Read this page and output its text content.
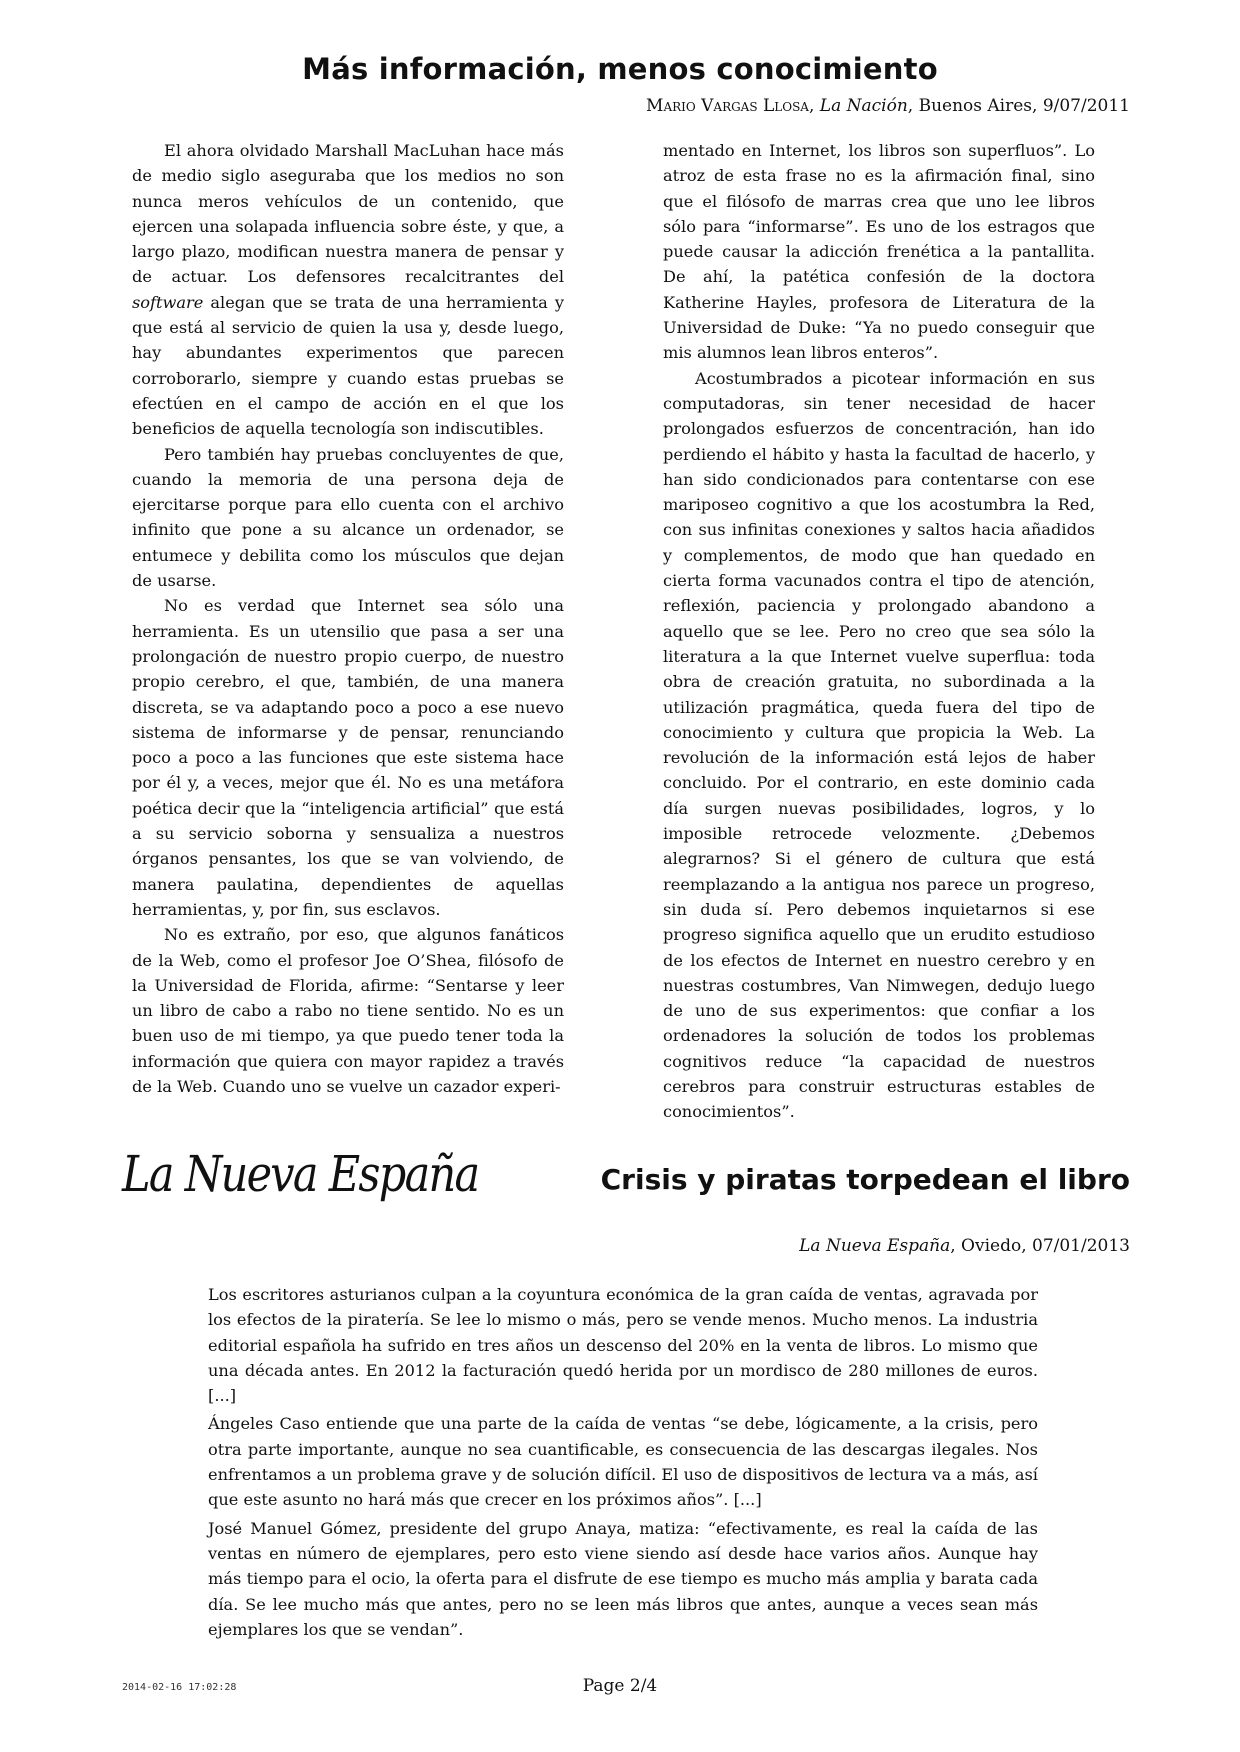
Más información, menos conocimiento
Mario Vargas Llosa, La Nación, Buenos Aires, 9/07/2011

El ahora olvidado Marshall MacLuhan hace más de medio siglo aseguraba que los medios no son nunca meros vehículos de un contenido, que ejercen una solapada influencia sobre éste, y que, a largo plazo, modifican nuestra manera de pensar y de actuar. Los defensores recalcitrantes del software alegan que se trata de una herramienta y que está al servicio de quien la usa y, desde luego, hay abundantes experimentos que parecen corroborarlo, siempre y cuando estas pruebas se efectúen en el campo de acción en el que los beneficios de aquella tecnología son indiscutibles.

Pero también hay pruebas concluyentes de que, cuando la memoria de una persona deja de ejercitarse porque para ello cuenta con el archivo infinito que pone a su alcance un ordenador, se entumece y debilita como los músculos que dejan de usarse.

No es verdad que Internet sea sólo una herramienta. Es un utensilio que pasa a ser una prolongación de nuestro propio cuerpo, de nuestro propio cerebro, el que, también, de una manera discreta, se va adaptando poco a poco a ese nuevo sistema de informarse y de pensar, renunciando poco a poco a las funciones que este sistema hace por él y, a veces, mejor que él. No es una metáfora poética decir que la “inteligencia artificial” que está a su servicio soborna y sensualiza a nuestros órganos pensantes, los que se van volviendo, de manera paulatina, dependientes de aquellas herramientas, y, por fin, sus esclavos.

No es extraño, por eso, que algunos fanáticos de la Web, como el profesor Joe O’Shea, filósofo de la Universidad de Florida, afirme: “Sentarse y leer un libro de cabo a rabo no tiene sentido. No es un buen uso de mi tiempo, ya que puedo tener toda la información que quiera con mayor rapidez a través de la Web. Cuando uno se vuelve un cazador experi-

mentado en Internet, los libros son superfluos”. Lo atroz de esta frase no es la afirmación final, sino que el filósofo de marras crea que uno lee libros sólo para “informarse”. Es uno de los estragos que puede causar la adicción frenética a la pantallita. De ahí, la patética confesión de la doctora Katherine Hayles, profesora de Literatura de la Universidad de Duke: “Ya no puedo conseguir que mis alumnos lean libros enteros”.

Acostumbrados a picotear información en sus computadoras, sin tener necesidad de hacer prolongados esfuerzos de concentración, han ido perdiendo el hábito y hasta la facultad de hacerlo, y han sido condicionados para contentarse con ese mariposeo cognitivo a que los acostumbra la Red, con sus infinitas conexiones y saltos hacia añadidos y complementos, de modo que han quedado en cierta forma vacunados contra el tipo de atención, reflexión, paciencia y prolongado abandono a aquello que se lee. Pero no creo que sea sólo la literatura a la que Internet vuelve superflua: toda obra de creación gratuita, no subordinada a la utilización pragmática, queda fuera del tipo de conocimiento y cultura que propicia la Web. La revolución de la información está lejos de haber concluido. Por el contrario, en este dominio cada día surgen nuevas posibilidades, logros, y lo imposible retrocede velozmente. ¿Debemos alegrarnos? Si el género de cultura que está reemplazando a la antigua nos parece un progreso, sin duda sí. Pero debemos inquietarnos si ese progreso significa aquello que un erudito estudioso de los efectos de Internet en nuestro cerebro y en nuestras costumbres, Van Nimwegen, dedujo luego de uno de sus experimentos: que confiar a los ordenadores la solución de todos los problemas cognitivos reduce “la capacidad de nuestros cerebros para construir estructuras estables de conocimientos”.

La Nueva España	Crisis y piratas torpedean el libro
La Nueva España, Oviedo, 07/01/2013

Los escritores asturianos culpan a la coyuntura económica de la gran caída de ventas, agravada por los efectos de la piratería. Se lee lo mismo o más, pero se vende menos. Mucho menos. La industria editorial española ha sufrido en tres años un descenso del 20% en la venta de libros. Lo mismo que una década antes. En 2012 la facturación quedó herida por un mordisco de 280 millones de euros. [...]

Ángeles Caso entiende que una parte de la caída de ventas “se debe, lógicamente, a la crisis, pero otra parte importante, aunque no sea cuantificable, es consecuencia de las descargas ilegales. Nos enfrentamos a un problema grave y de solución difícil. El uso de dispositivos de lectura va a más, así que este asunto no hará más que crecer en los próximos años”. [...]

José Manuel Gómez, presidente del grupo Anaya, matiza: “efectivamente, es real la caída de las ventas en número de ejemplares, pero esto viene siendo así desde hace varios años. Aunque hay más tiempo para el ocio, la oferta para el disfrute de ese tiempo es mucho más amplia y barata cada día. Se lee mucho más que antes, pero no se leen más libros que antes, aunque a veces sean más ejemplares los que se vendan”.

2014-02-16 17:02:28	Page 2/4
